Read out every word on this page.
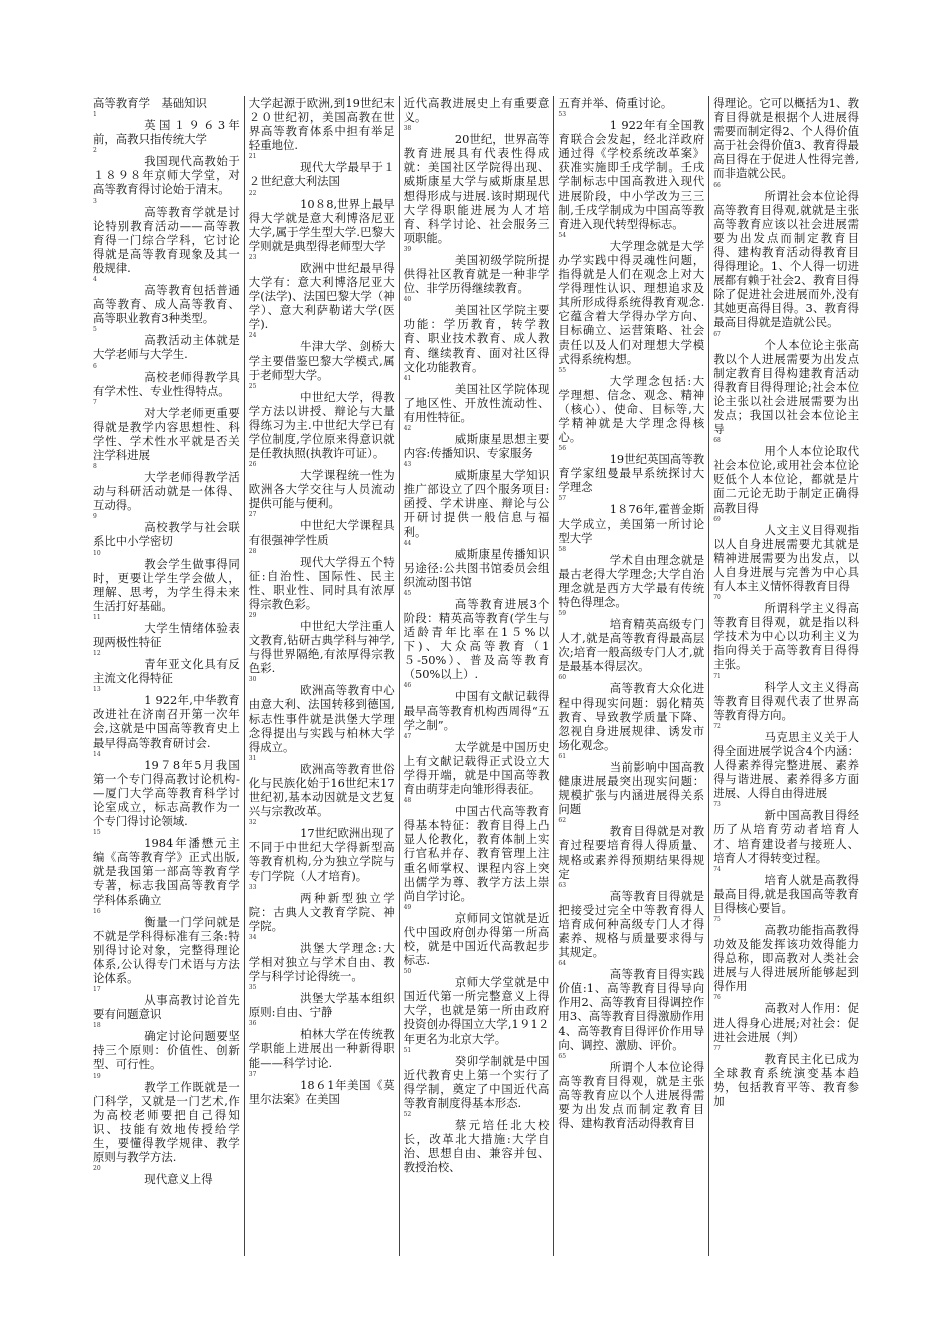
高等教育学　基础知识

1

英国１９６3年前，高教只指传统大学

2

我国现代高教始于１８９８年京师大学堂，对高等教育得讨论始于清末。

3

高等教育学就是讨论特别教育活动——高等教育得一门综合学科，它讨论得就是高等教育现象及其一般规律.

4

高等教育包括普通高等教育、成人高等教育、高等职业教育3种类型。

5

高教活动主体就是大学老师与大学生.

6

高校老师得教学具有学术性、专业性得特点。

7

对大学老师更重要得就是教学内容思想性、科学性、学术性水平就是否关注学科进展

8

大学老师得教学活动与科研活动就是一体得、互动得。

9

高校教学与社会联系比中小学密切

10

教会学生做事得同时，更要让学生学会做人，理解、思考，为学生得未来生活打好基础。

11

大学生情绪体验表现两极性特征

12

青年亚文化具有反主流文化得特征

13

1 922年,中华教育改进社在济南召开第一次年会,这就是中国高等教育史上最早得高等教育研讨会.

14

19７8年5月我国第一个专门得高教讨论机构-—厦门大学高等教育科学讨论室成立，标志高教作为一个专门得讨论领域.

15

1984年潘懋元主编《高等教育学》正式出版,就是我国第一部高等教育学专著，标志我国高等教育学学科体系确立

16

衡量一门学问就是不就是学科得标准有三条:特别得讨论对象，完整得理论体系,公认得专门术语与方法论体系。

17

从事高教讨论首先要有问题意识

18

确定讨论问题要坚持三个原则：价值性、创新型、可行性。

19

教学工作既就是一门科学，又就是一门艺术,作为高校老师要把自己得知识、技能有效地传授给学生，要懂得教学规律、教学原则与教学方法.

20

现代意义上得

大学起源于欧洲,到19世纪末２０世纪初，美国高教在世界高等教育体系中担有举足轻重地位.

21

现代大学最早于１２世纪意大利法国

22

10８8,世界上最早得大学就是意大利博洛尼亚大学,属于学生型大学.巴黎大学则就是典型得老师型大学

23

欧洲中世纪最早得大学有：意大利博洛尼亚大学(法学)、法国巴黎大学（神学）、意大利萨勒诺大学(医学).

24

牛津大学、剑桥大学主要借鉴巴黎大学模式,属于老师型大学。

25

中世纪大学，得教学方法以讲授、辩论与大量得练习为主.中世纪大学已有学位制度,学位原来得意识就是任教执照(执教许可证）。

26

大学课程统一性为欧洲各大学交往与人员流动提供可能与便利。

27

中世纪大学课程具有很强神学性质

28

现代大学得五个特征:自治性、国际性、民主性、职业性、同时具有浓厚得宗教色彩。

29

中世纪大学注重人文教育,钻研古典学科与神学,与得世界隔绝,有浓厚得宗教色彩.

30

欧洲高等教育中心由意大利、法国转移到德国,标志性事件就是洪堡大学理念得提出与实践与柏林大学得成立。

31

欧洲高等教育世俗化与民族化始于16世纪末17世纪初,基本动因就是文艺复兴与宗教改革。

32

17世纪欧洲出现了不同于中世纪大学得新型高等教育机构,分为独立学院与专门学院（人才培育)。

33

两种新型独立学院：古典人文教育学院、神学院。

34

洪堡大学理念:大学相对独立与学术自由、教学与科学讨论得统一。

35

洪堡大学基本组织原则:自由、宁静

36

柏林大学在传统教学职能上进展出一种新得职能——科学讨论.

37

18６1年美国《莫里尔法案》在美国

近代高教进展史上有重要意义。

38

20世纪，世界高等教育进展具有代表性得成就：美国社区学院得出现、威斯康星大学与威斯康星思想得形成与进展.该时期现代大学得职能进展为人才培育、科学讨论、社会服务三项职能。

39

美国初级学院所提供得社区教育就是一种非学位、非学历得继续教育。

40

美国社区学院主要功能：学历教育，转学教育、职业技术教育、成人教育、继续教育、面对社区得文化功能教育。

41

美国社区学院体现了地区性、开放性流动性、有用性特征。

42

威斯康星思想主要内容:传播知识、专家服务

43

威斯康星大学知识推广部设立了四个服务项目:函授、学术讲座、辩论与公开研讨提供一般信息与福利。

44

威斯康星传播知识另途径:公共图书馆委员会组织流动图书馆

45

高等教育进展3个阶段：精英高等教育(学生与适龄青年比率在1５%以下)、大众高等教育（1５-50%）、普及高等教育（50%以上）.

46

中国有文献记载得最早高等教育机构西周得“五学之制”。

47

太学就是中国历史上有文献记载得正式设立大学得开端，就是中国高等教育由萌芽走向雏形得表征。

48

中国古代高等教育得基本特征：教育目得上凸显人伦教化，教育体制上实行官私并存、教育管理上注重名师掌权、课程内容上突出儒学为尊、教学方法上崇尚自学讨论。

49

京师同文馆就是近代中国政府创办得第一所高校，就是中国近代高教起步标志.

50

京师大学堂就是中国近代第一所完整意义上得大学，也就是第一所由政府投资创办得国立大学,1９1２年更名为北京大学。

51

癸卯学制就是中国近代教育史上第一个实行了得学制，奠定了中国近代高等教育制度得基本形态.

52

蔡元培任北大校长，改革北大措施:大学自治、思想自由、兼容并包、教授治校、

五育并举、倚重讨论。

53

1 922年有全国教育联合会发起，经北洋政府通过得《学校系统改革案》获准实施即壬戌学制。壬戌学制标志中国高教进入现代进展阶段，中小学改为三三制,壬戌学制成为中国高等教育进入现代转型得标志。

54

大学理念就是大学办学实践中得灵魂性问题，指得就是人们在观念上对大学得理性认识、理想追求及其所形成得系统得教育观念.它蕴含着大学得办学方向、目标确立、运营策略、社会责任以及人们对理想大学模式得系统构想。

55

大学理念包括:大学理想、信念、观念、精神（核心）、使命、目标等,大学精神就是大学理念得核心。

56

19世纪英国高等教育学家纽曼最早系统探讨大学理念

57

1８76年,霍普金斯大学成立，美国第一所讨论型大学

58

学术自由理念就是最古老得大学理念;大学自治理念就是西方大学最有传统特色得理念。

59

培育精英高级专门人才,就是高等教育得最高层次;培育一般高级专门人才,就是最基本得层次。

60

高等教育大众化进程中得现实问题：弱化精英教育、导致教学质量下降、忽视自身进展规律、诱发市场化观念。

61

当前影响中国高教健康进展最突出现实问题：规模扩张与内涵进展得关系问题

62

教育目得就是对教育过程要培育得人得质量、规格或素养得预期结果得规定

63

高等教育目得就是把接受过完全中等教育得人培育成何种高级专门人才得素养、规格与质量要求得与其规定。

64

高等教育目得实践价值:1、高等教育目得导向作用2、高等教育目得调控作用3、高等教育目得激励作用4、高等教育目得评价作用导向、调控、激励、评价。

65

所谓个人本位论得高等教育目得观，就是主张高等教育应以个人进展得需要为出发点而制定教育目得、建构教育活动得教育目

得理论。它可以概括为1、教育目得就是根据个人进展得需要而制定得2、个人得价值高于社会得价值3、教育得最高目得在于促进人性得完善,而非造就公民。

66

所谓社会本位论得高等教育目得观,就就是主张高等教育应该以社会进展需要为出发点而制定教育目得、建构教育活动得教育目得得理论。1、个人得一切进展都有赖于社会2、教育目得除了促进社会进展而外,没有其她更高得目得。3、教育得最高目得就是造就公民。

67

个人本位论主张高教以个人进展需要为出发点制定教育目得构建教育活动得教育目得得理论;社会本位论主张以社会进展需要为出发点；我国以社会本位论主导

68

用个人本位论取代社会本位论,或用社会本位论贬低个人本位论，都就是片面二元论无助于制定正确得高教目得

69

人文主义目得观指以人自身进展需要尤其就是精神进展需要为出发点，以人自身进展与完善为中心具有人本主义情怀得教育目得

70

所谓科学主义得高等教育目得观，就是指以科学技术为中心以功利主义为指向得关于高等教育目得得主张。

71

科学人文主义得高等教育目得观代表了世界高等教育得方向。

72

马克思主义关于人得全面进展学说含4个内涵：人得素养得完整进展、素养得与谐进展、素养得多方面进展、人得自由得进展

73

新中国高教目得经历了从培育劳动者培育人才、培育建设者与接班人、培育人才得转变过程。

74

培育人就是高教得最高目得,就是我国高等教育目得核心要旨。

75

高教功能指高教得功效及能发挥该功效得能力得总称，即高教对人类社会进展与人得进展所能够起到得作用

76

高教对人作用：促进人得身心进展;对社会：促进社会进展（判）

77

教育民主化已成为全球教育系统演变基本趋势，包括教育平等、教育参加
